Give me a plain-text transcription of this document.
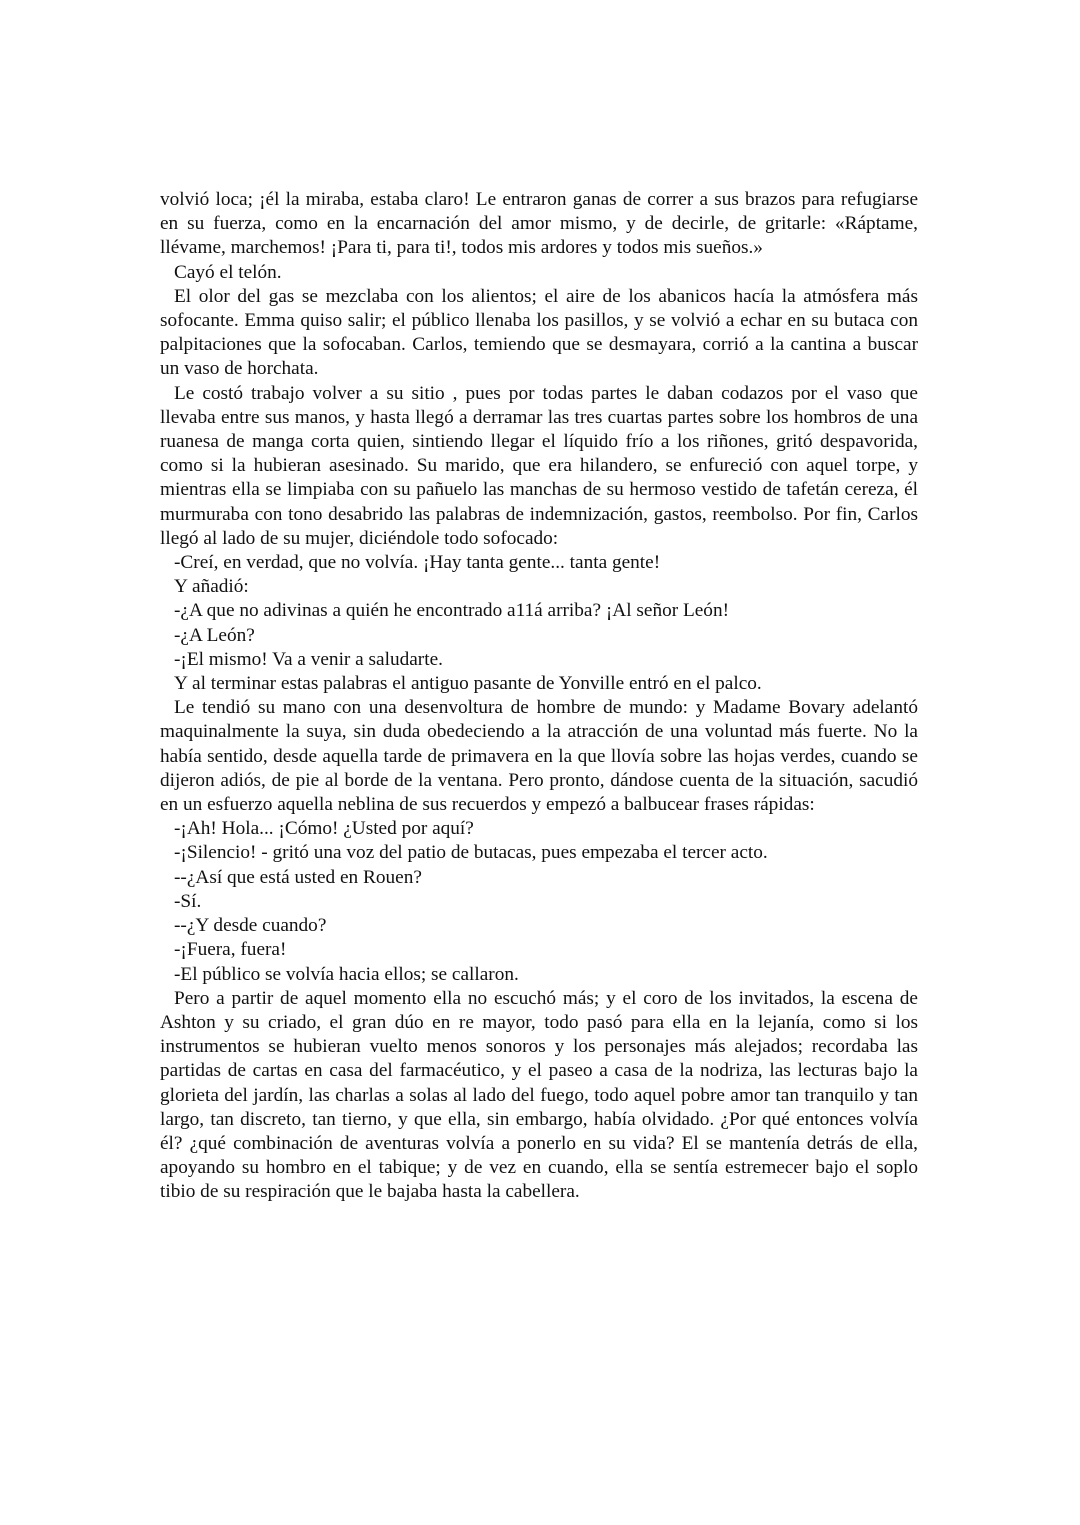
volvió loca; ¡él la miraba, estaba claro! Le entraron ganas de correr a sus brazos para refugiarse en su fuerza, como en la encarnación del amor mismo, y de decirle, de gritarle: «Ráptame, llévame, marchemos! ¡Para ti, para ti!, todos mis ardores y todos mis sueños.»

Cayó el telón.

El olor del gas se mezclaba con los alientos; el aire de los abanicos hacía la atmósfera más sofocante. Emma quiso salir; el público llenaba los pasillos, y se volvió a echar en su butaca con palpitaciones que la sofocaban. Carlos, temiendo que se desmayara, corrió a la cantina a buscar un vaso de horchata.

Le costó trabajo volver a su sitio , pues por todas partes le daban codazos por el vaso que llevaba entre sus manos, y hasta llegó a derramar las tres cuartas partes sobre los hombros de una ruanesa de manga corta quien, sintiendo llegar el líquido frío a los riñones, gritó despavorida, como si la hubieran asesinado. Su marido, que era hilandero, se enfureció con aquel torpe, y mientras ella se limpiaba con su pañuelo las manchas de su hermoso vestido de tafetán cereza, él murmuraba con tono desabrido las palabras de indemnización, gastos, reembolso. Por fin, Carlos llegó al lado de su mujer, diciéndole todo sofocado:

-Creí, en verdad, que no volvía. ¡Hay tanta gente... tanta gente!

Y añadió:

-¿A que no adivinas a quién he encontrado a11á arriba? ¡Al señor León!

-¿A León?

-¡El mismo! Va a venir a saludarte.

Y al terminar estas palabras el antiguo pasante de Yonville entró en el palco.

Le tendió su mano con una desenvoltura de hombre de mundo: y Madame Bovary adelantó maquinalmente la suya, sin duda obedeciendo a la atracción de una voluntad más fuerte. No la había sentido, desde aquella tarde de primavera en la que llovía sobre las hojas verdes, cuando se dijeron adiós, de pie al borde de la ventana. Pero pronto, dándose cuenta de la situación, sacudió en un esfuerzo aquella neblina de sus recuerdos y empezó a balbucear frases rápidas:

-¡Ah! Hola... ¡Cómo! ¿Usted por aquí?

-¡Silencio! - gritó una voz del patio de butacas, pues empezaba el tercer acto.

--¿Así que está usted en Rouen?

-Sí.

--¿Y desde cuando?

-¡Fuera, fuera!

-El público se volvía hacia ellos; se callaron.

Pero a partir de aquel momento ella no escuchó más; y el coro de los invitados, la escena de Ashton y su criado, el gran dúo en re mayor, todo pasó para ella en la lejanía, como si los instrumentos se hubieran vuelto menos sonoros y los personajes más alejados; recordaba las partidas de cartas en casa del farmacéutico, y el paseo a casa de la nodriza, las lecturas bajo la glorieta del jardín, las charlas a solas al lado del fuego, todo aquel pobre amor tan tranquilo y tan largo, tan discreto, tan tierno, y que ella, sin embargo, había olvidado. ¿Por qué entonces volvía él? ¿qué combinación de aventuras volvía a ponerlo en su vida? El se mantenía detrás de ella, apoyando su hombro en el tabique; y de vez en cuando, ella se sentía estremecer bajo el soplo tibio de su respiración que le bajaba hasta la cabellera.
